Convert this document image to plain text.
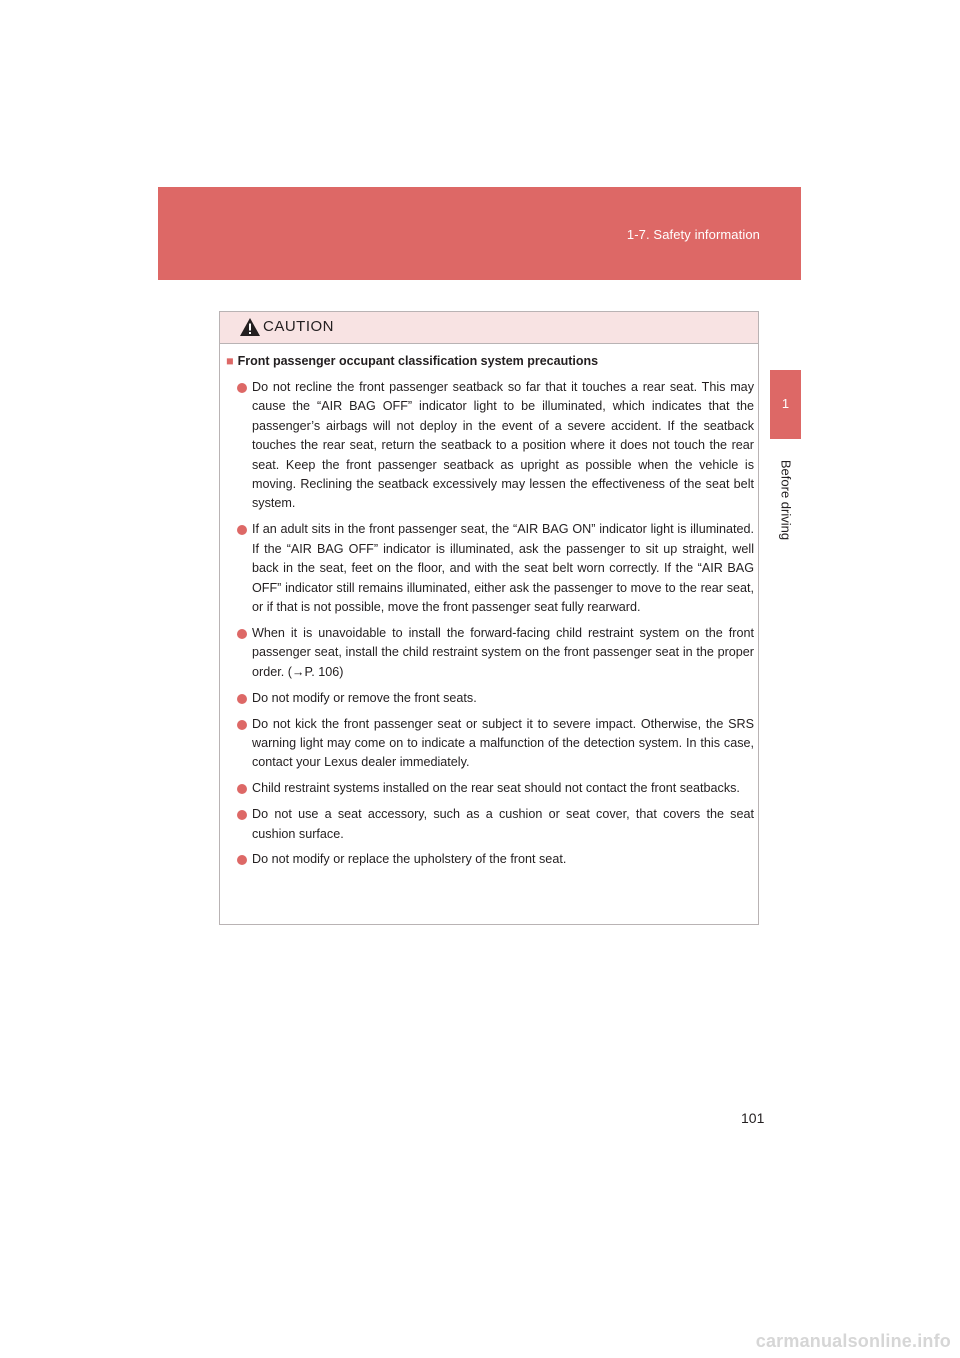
1-7. Safety information
1
Before driving
CAUTION
■ Front passenger occupant classification system precautions

Do not recline the front passenger seatback so far that it touches a rear seat. This may cause the “AIR BAG OFF” indicator light to be illuminated, which indicates that the passenger’s airbags will not deploy in the event of a severe accident. If the seatback touches the rear seat, return the seatback to a position where it does not touch the rear seat. Keep the front passenger seatback as upright as possible when the vehicle is moving. Reclining the seatback excessively may lessen the effectiveness of the seat belt system.

If an adult sits in the front passenger seat, the “AIR BAG ON” indicator light is illuminated. If the “AIR BAG OFF” indicator is illuminated, ask the passenger to sit up straight, well back in the seat, feet on the floor, and with the seat belt worn correctly. If the “AIR BAG OFF” indicator still remains illuminated, either ask the passenger to move to the rear seat, or if that is not possible, move the front passenger seat fully rearward.

When it is unavoidable to install the forward-facing child restraint system on the front passenger seat, install the child restraint system on the front passenger seat in the proper order. (→P. 106)

Do not modify or remove the front seats.

Do not kick the front passenger seat or subject it to severe impact. Otherwise, the SRS warning light may come on to indicate a malfunction of the detection system. In this case, contact your Lexus dealer immediately.

Child restraint systems installed on the rear seat should not contact the front seatbacks.

Do not use a seat accessory, such as a cushion or seat cover, that covers the seat cushion surface.

Do not modify or replace the upholstery of the front seat.

101
carmanualsonline.info
